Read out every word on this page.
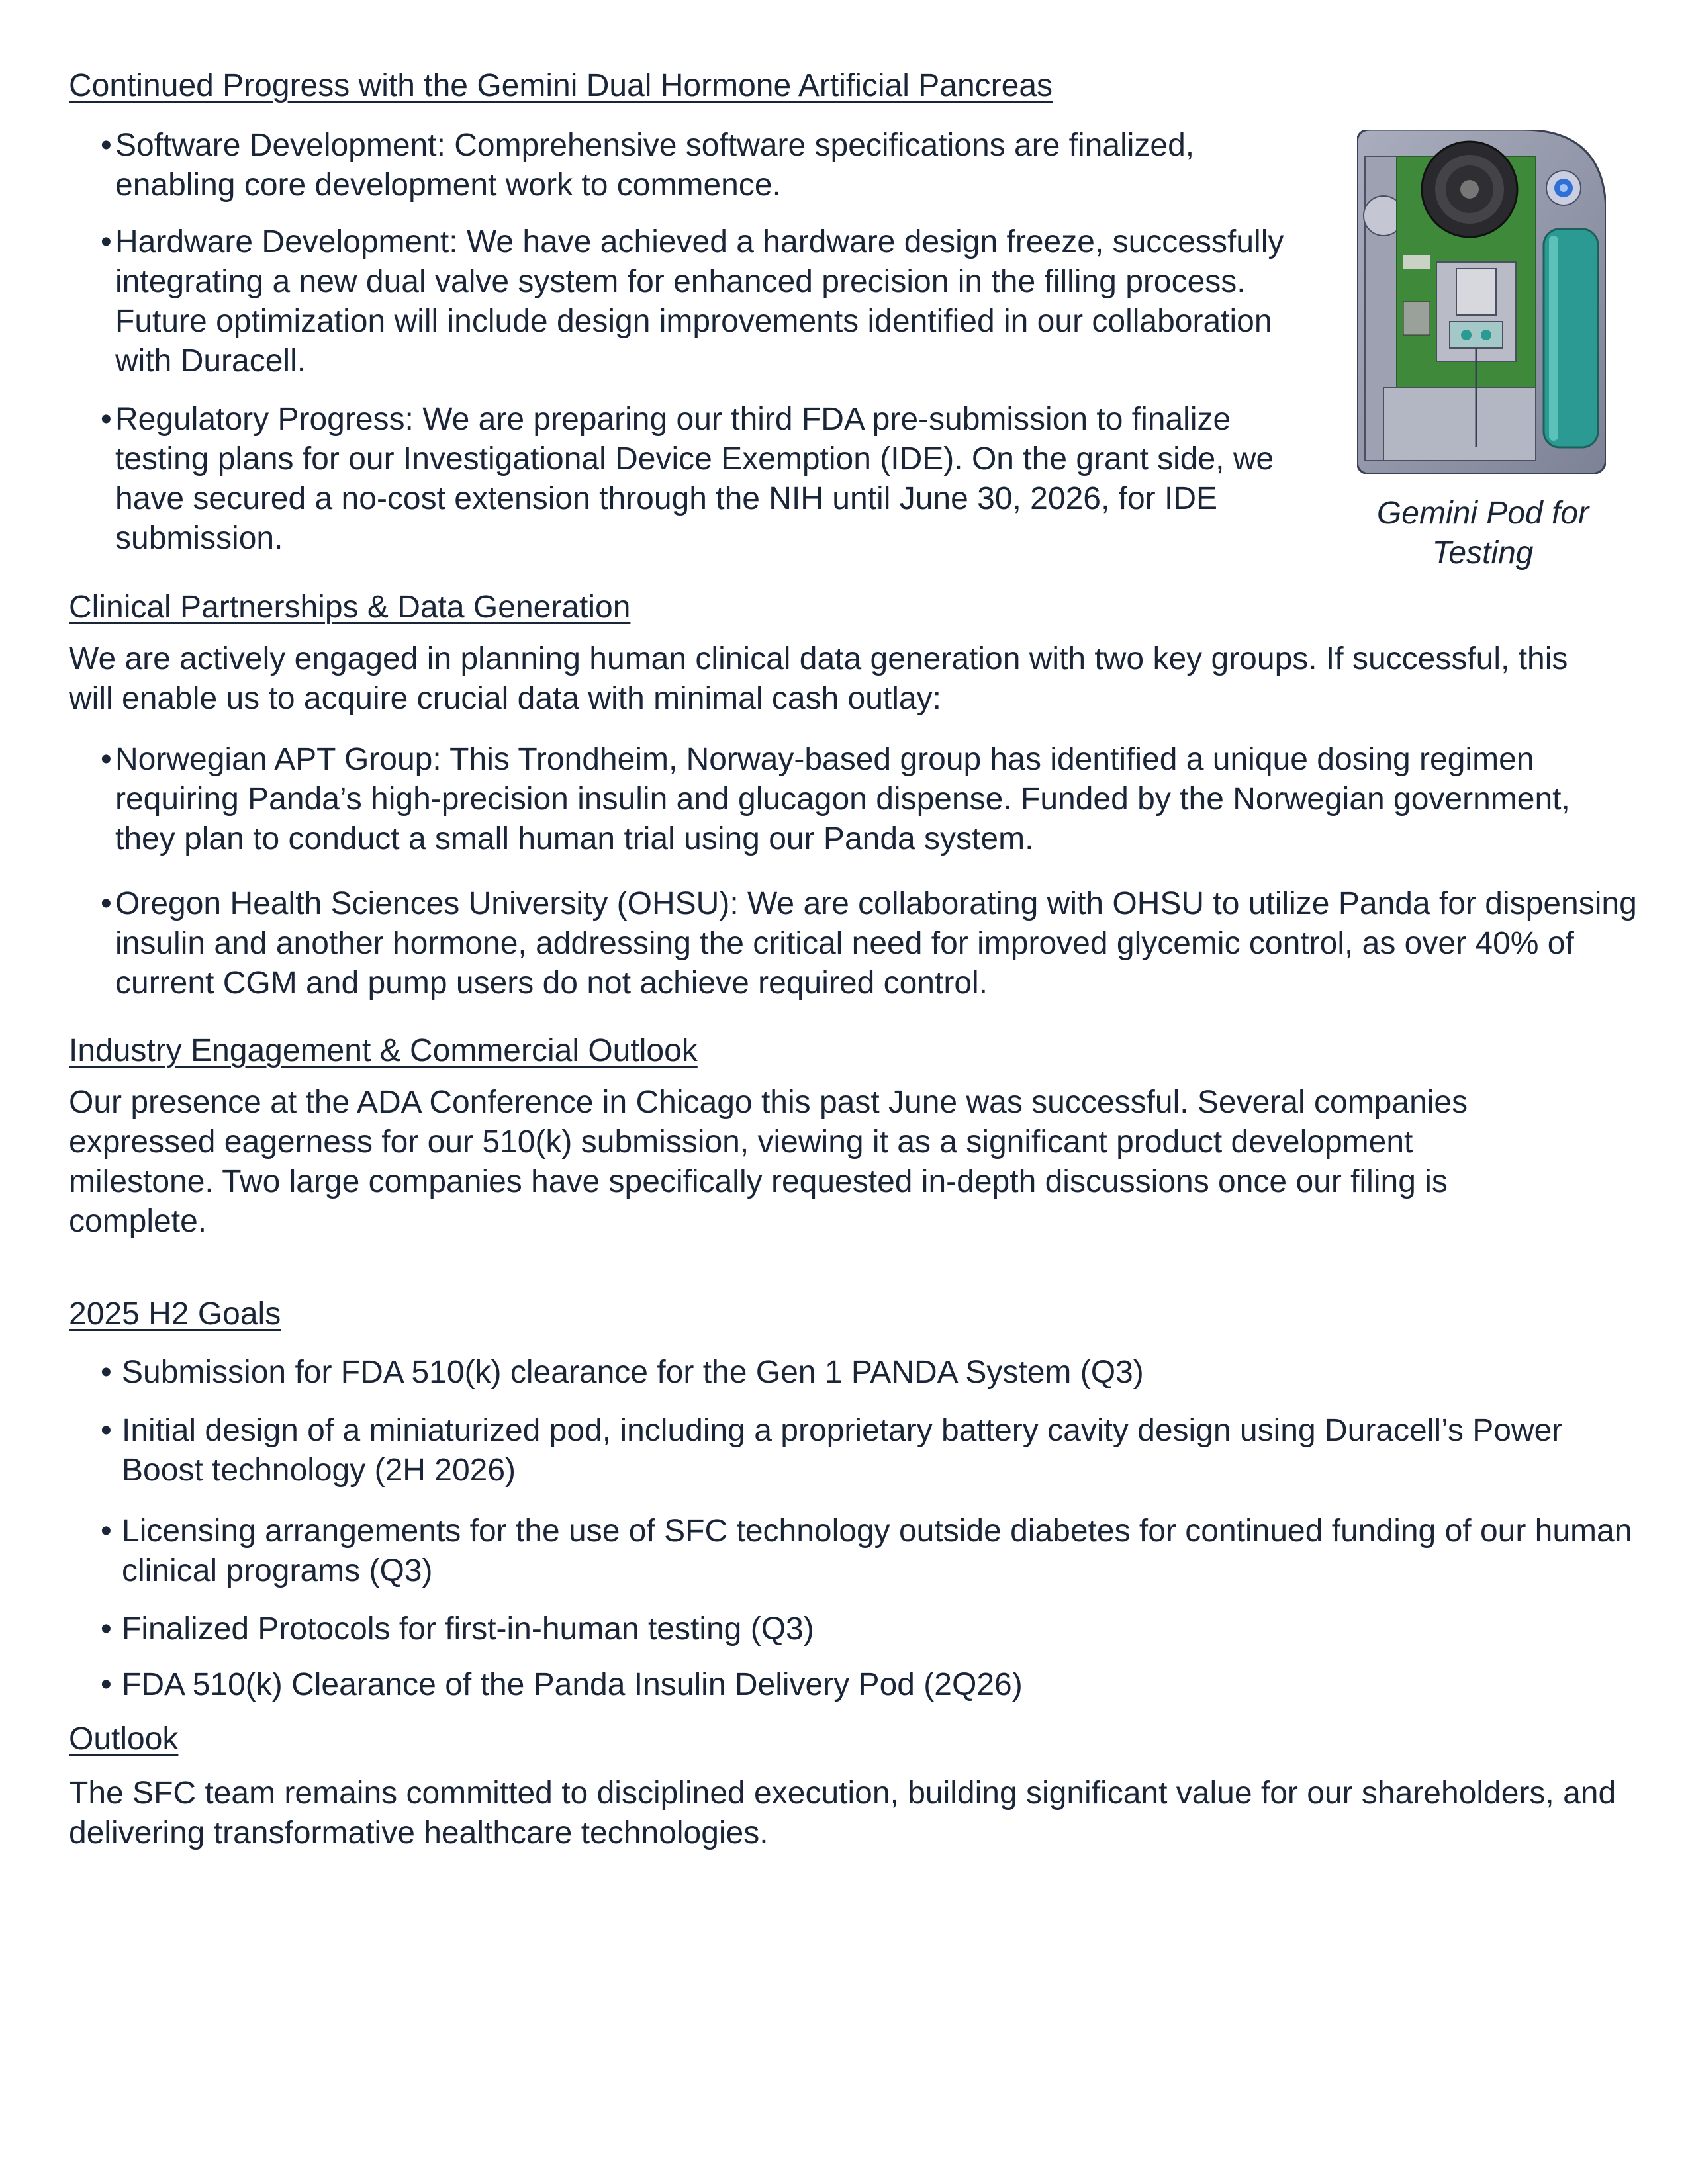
Continued Progress with the Gemini Dual Hormone Artificial Pancreas
• Software Development: Comprehensive software specifications are finalized, enabling core development work to commence.
• Hardware Development: We have achieved a hardware design freeze, successfully integrating a new dual valve system for enhanced precision in the filling process. Future optimization will include design improvements identified in our collaboration with Duracell.
• Regulatory Progress: We are preparing our third FDA pre-submission to finalize testing plans for our Investigational Device Exemption (IDE). On the grant side, we have secured a no-cost extension through the NIH until June 30, 2026, for IDE submission.
Gemini Pod for Testing
Clinical Partnerships & Data Generation

We are actively engaged in planning human clinical data generation with two key groups. If successful, this will enable us to acquire crucial data with minimal cash outlay:

• Norwegian APT Group: This Trondheim, Norway-based group has identified a unique dosing regimen requiring Panda’s high-precision insulin and glucagon dispense. Funded by the Norwegian government, they plan to conduct a small human trial using our Panda system.
• Oregon Health Sciences University (OHSU): We are collaborating with OHSU to utilize Panda for dispensing insulin and another hormone, addressing the critical need for improved glycemic control, as over 40% of current CGM and pump users do not achieve required control.
Industry Engagement & Commercial Outlook

Our presence at the ADA Conference in Chicago this past June was successful. Several companies expressed eagerness for our 510(k) submission, viewing it as a significant product development milestone. Two large companies have specifically requested in-depth discussions once our filing is complete.

2025 H2 Goals
• Submission for FDA 510(k) clearance for the Gen 1 PANDA System (Q3)
• Initial design of a miniaturized pod, including a proprietary battery cavity design using Duracell’s Power Boost technology (2H 2026)
• Licensing arrangements for the use of SFC technology outside diabetes for continued funding of our human clinical programs (Q3)
• Finalized Protocols for first-in-human testing (Q3)
• FDA 510(k) Clearance of the Panda Insulin Delivery Pod (2Q26)
Outlook

The SFC team remains committed to disciplined execution, building significant value for our shareholders, and delivering transformative healthcare technologies.
